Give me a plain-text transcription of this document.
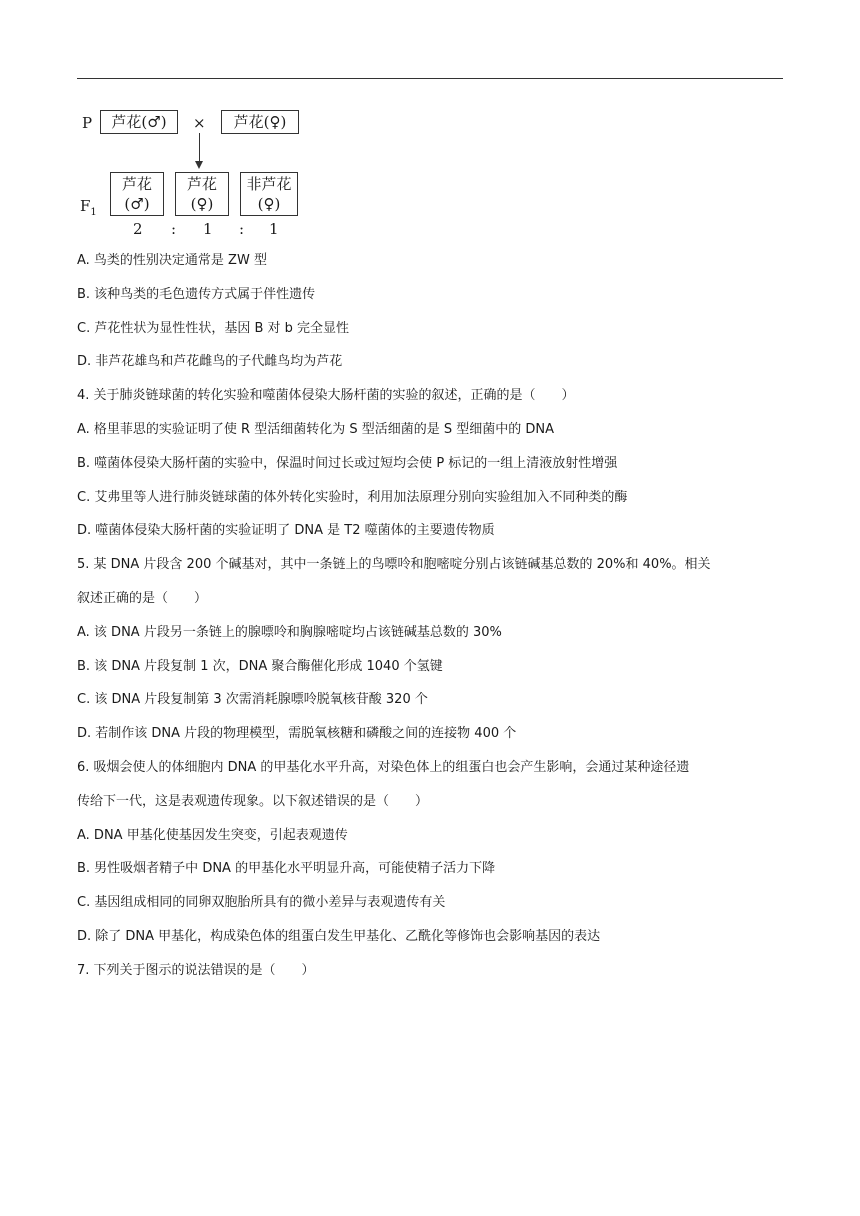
P 芦花(♂) × 芦花(♀)
$F_1$
芦花
(♂)
芦花
(♀)
非芦花
(♀)
2 : 1 : 1
A. 鸟类的性别决定通常是 ZW 型
B. 该种鸟类的毛色遗传方式属于伴性遗传
C. 芦花性状为显性性状，基因 B 对 b 完全显性
D. 非芦花雄鸟和芦花雌鸟的子代雌鸟均为芦花
4. 关于肺炎链球菌的转化实验和噬菌体侵染大肠杆菌的实验的叙述，正确的是（　　）
A. 格里菲思的实验证明了使 R 型活细菌转化为 S 型活细菌的是 S 型细菌中的 DNA
B. 噬菌体侵染大肠杆菌的实验中，保温时间过长或过短均会使 P 标记的一组上清液放射性增强
C. 艾弗里等人进行肺炎链球菌的体外转化实验时，利用加法原理分别向实验组加入不同种类的酶
D. 噬菌体侵染大肠杆菌的实验证明了 DNA 是 T2 噬菌体的主要遗传物质
5. 某 DNA 片段含 200 个碱基对，其中一条链上的鸟嘌呤和胞嘧啶分别占该链碱基总数的 20%和 40%。相关
叙述正确的是（　　）
A. 该 DNA 片段另一条链上的腺嘌呤和胸腺嘧啶均占该链碱基总数的 30%
B. 该 DNA 片段复制 1 次，DNA 聚合酶催化形成 1040 个氢键
C. 该 DNA 片段复制第 3 次需消耗腺嘌呤脱氧核苷酸 320 个
D. 若制作该 DNA 片段的物理模型，需脱氧核糖和磷酸之间的连接物 400 个
6. 吸烟会使人的体细胞内 DNA 的甲基化水平升高，对染色体上的组蛋白也会产生影响，会通过某种途径遗
传给下一代，这是表观遗传现象。以下叙述错误的是（　　）
A. DNA 甲基化使基因发生突变，引起表观遗传
B. 男性吸烟者精子中 DNA 的甲基化水平明显升高，可能使精子活力下降
C. 基因组成相同的同卵双胞胎所具有的微小差异与表观遗传有关
D. 除了 DNA 甲基化，构成染色体的组蛋白发生甲基化、乙酰化等修饰也会影响基因的表达
7. 下列关于图示的说法错误的是（　　）
